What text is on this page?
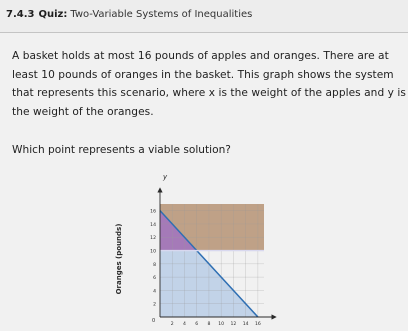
7.4.3 Quiz: Two-Variable Systems of Inequalities
A basket holds at most 16 pounds of apples and oranges. There are at least 10 pounds of oranges in the basket. This graph shows the system that represents this scenario, where x is the weight of the apples and y is the weight of the oranges.
Which point represents a viable solution?
2
4
6
8
10
12
14
16
2 4 6 8 10 12 14 16
Oranges (pounds)
y
0
